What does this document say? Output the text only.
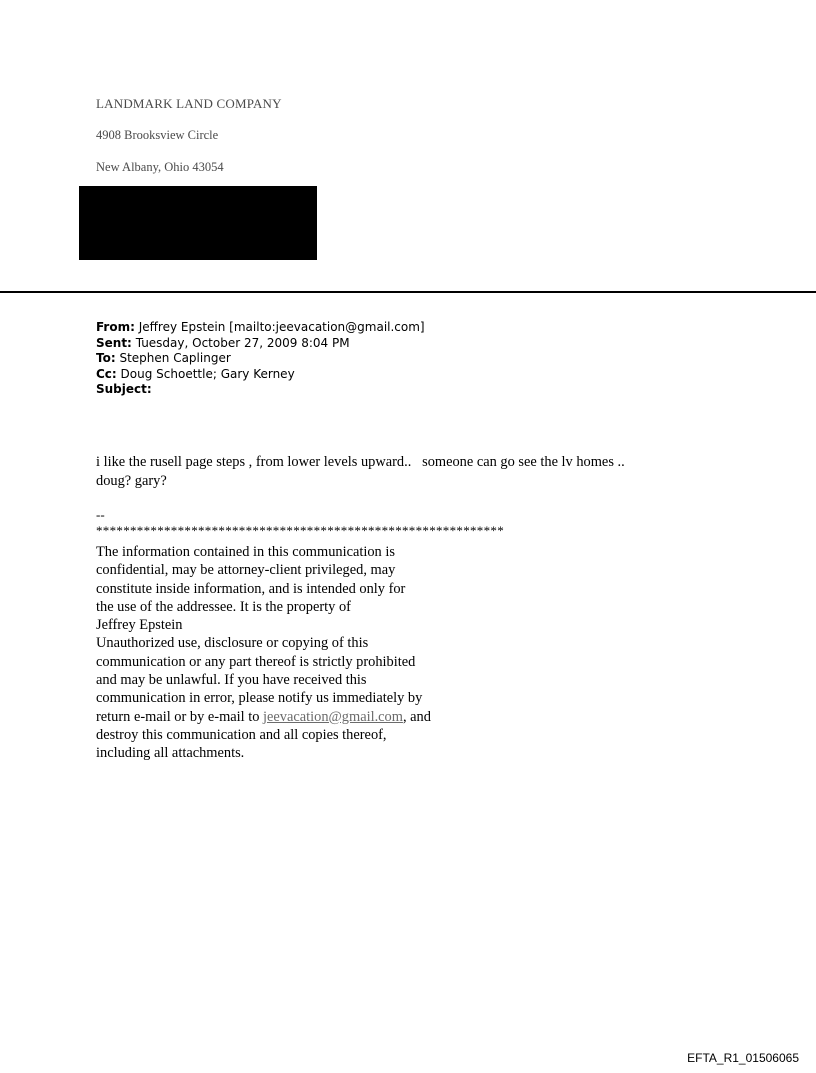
LANDMARK LAND COMPANY
4908 Brooksview Circle
New Albany, Ohio 43054
From: Jeffrey Epstein [mailto:jeevacation@gmail.com]
Sent: Tuesday, October 27, 2009 8:04 PM
To: Stephen Caplinger
Cc: Doug Schoettle; Gary Kerney
Subject:
i like the rusell page steps , from lower levels upward..   someone can go see the lv homes ..
doug? gary?
--
************************************************************
The information contained in this communication is
confidential, may be attorney-client privileged, may
constitute inside information, and is intended only for
the use of the addressee. It is the property of
Jeffrey Epstein
Unauthorized use, disclosure or copying of this
communication or any part thereof is strictly prohibited
and may be unlawful. If you have received this
communication in error, please notify us immediately by
return e-mail or by e-mail to jeevacation@gmail.com, and
destroy this communication and all copies thereof,
including all attachments.
EFTA_R1_01506065
